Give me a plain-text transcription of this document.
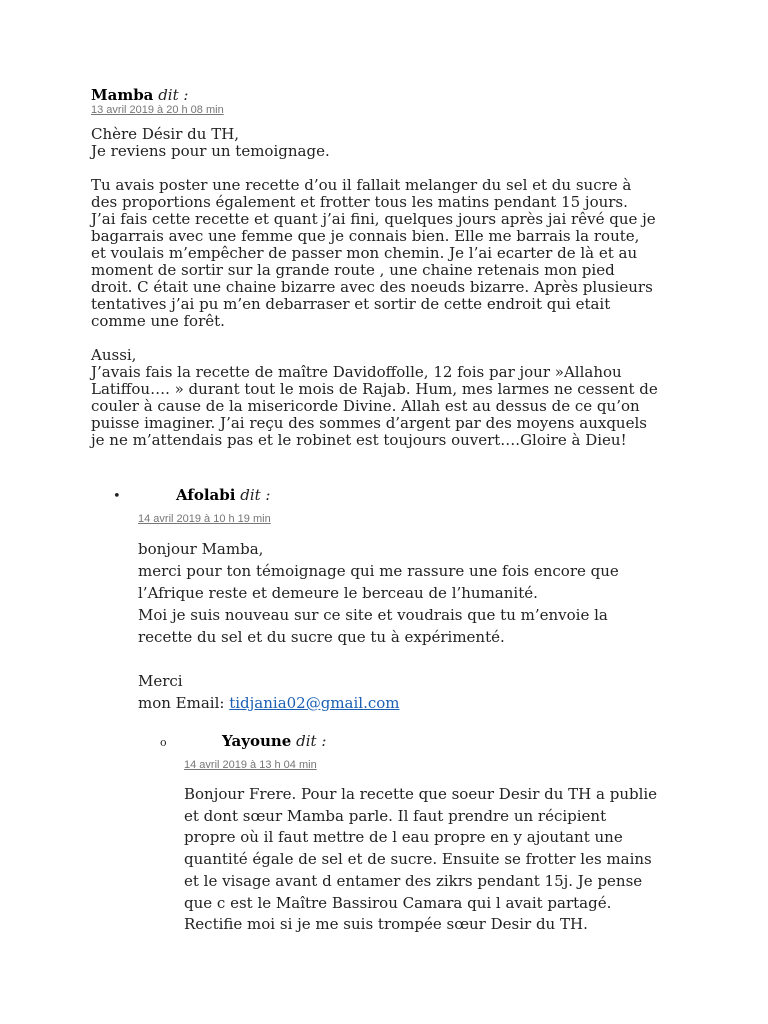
Mamba dit :
13 avril 2019 à 20 h 08 min
Chère Désir du TH,
Je reviens pour un temoignage.
Tu avais poster une recette d’ou il fallait melanger du sel et du sucre à
des proportions également et frotter tous les matins pendant 15 jours.
J’ai fais cette recette et quant j’ai fini, quelques jours après jai rêvé que je
bagarrais avec une femme que je connais bien. Elle me barrais la route,
et voulais m’empêcher de passer mon chemin. Je l’ai ecarter de là et au
moment de sortir sur la grande route , une chaine retenais mon pied
droit. C était une chaine bizarre avec des noeuds bizarre. Après plusieurs
tentatives j’ai pu m’en debarraser et sortir de cette endroit qui etait
comme une forêt.
Aussi,
J’avais fais la recette de maître Davidoffolle, 12 fois par jour »Allahou
Latiffou…. » durant tout le mois de Rajab. Hum, mes larmes ne cessent de
couler à cause de la misericorde Divine. Allah est au dessus de ce qu’on
puisse imaginer. J’ai reçu des sommes d’argent par des moyens auxquels
je ne m’attendais pas et le robinet est toujours ouvert….Gloire à Dieu!
•	Afolabi dit :
14 avril 2019 à 10 h 19 min
bonjour Mamba,
merci pour ton témoignage qui me rassure une fois encore que
l’Afrique reste et demeure le berceau de l’humanité.
Moi je suis nouveau sur ce site et voudrais que tu m’envoie la
recette du sel et du sucre que tu à expérimenté.
Merci
mon Email: tidjania02@gmail.com
o	Yayoune dit :
14 avril 2019 à 13 h 04 min
Bonjour Frere. Pour la recette que soeur Desir du TH a publie
et dont sœur Mamba parle. Il faut prendre un récipient
propre où il faut mettre de l eau propre en y ajoutant une
quantité égale de sel et de sucre. Ensuite se frotter les mains
et le visage avant d entamer des zikrs pendant 15j. Je pense
que c est le Maître Bassirou Camara qui l avait partagé.
Rectifie moi si je me suis trompée sœur Desir du TH.
